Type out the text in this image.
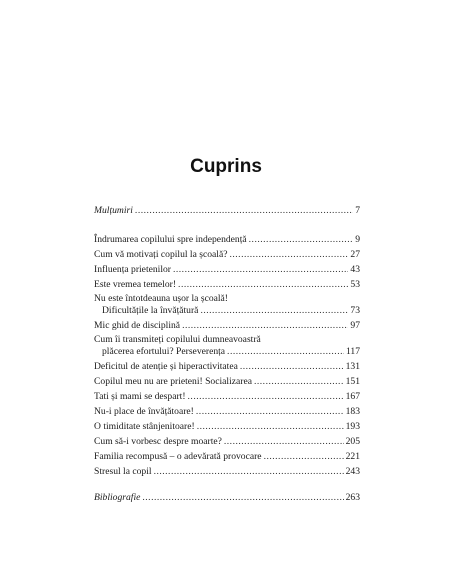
Cuprins
Mulțumiri .....	7
Îndrumarea copilului spre independență .....	9
Cum vă motivați copilul la școală? .....	27
Influența prietenilor .....	43
Este vremea temelor! .....	53
Nu este întotdeauna ușor la școală!
Dificultățile la învățătură .....	73
Mic ghid de disciplină .....	97
Cum îi transmiteți copilului dumneavoastră
plăcerea efortului? Perseverența .....	117
Deficitul de atenție și hiperactivitatea .....	131
Copilul meu nu are prieteni! Socializarea .....	151
Tati și mami se despart! .....	167
Nu-i place de învățătoare! .....	183
O timiditate stânjenitoare! .....	193
Cum să-i vorbesc despre moarte? .....	205
Familia recompusă – o adevărată provocare .....	221
Stresul la copil .....	243
Bibliografie .....	263
